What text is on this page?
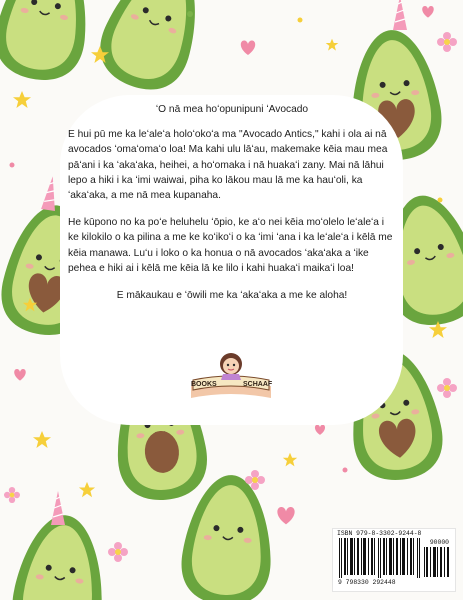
ʻO nā mea hoʻopunipuni ʻAvocado

E hui pū me ka leʻaleʻa holoʻokoʻa ma "Avocado Antics," kahi i ola ai nā avocados ʻomaʻomaʻo loa! Ma kahi ulu lāʻau, makemake kēia mau mea pāʻani i ka ʻakaʻaka, heihei, a hoʻomaka i nā huakaʻi zany. Mai nā lāhui lepo a hiki i ka ʻimi waiwai, piha ko lākou mau lā me ka hauʻoli, ka ʻakaʻaka, a me nā mea kupanaha.

He kūpono no ka poʻe heluhelu ʻōpio, ke aʻo nei kēia moʻolelo leʻaleʻa i ke kilokilo o ka pilina a me ke koʻikoʻi o ka ʻimi ʻana i ka leʻaleʻa i kēlā me kēia manawa. Luʻu i loko o ka honua o nā avocados ʻakaʻaka a ʻike pehea e hiki ai i kēlā me kēia lā ke lilo i kahi huakaʻi maikaʻi loa!

E mākaukau e ʻōwili me ka ʻakaʻaka a me ke aloha!

BOOKS	SCHAAF
ISBN 979-8-3302-9244-8
90000
9 798330 292448
